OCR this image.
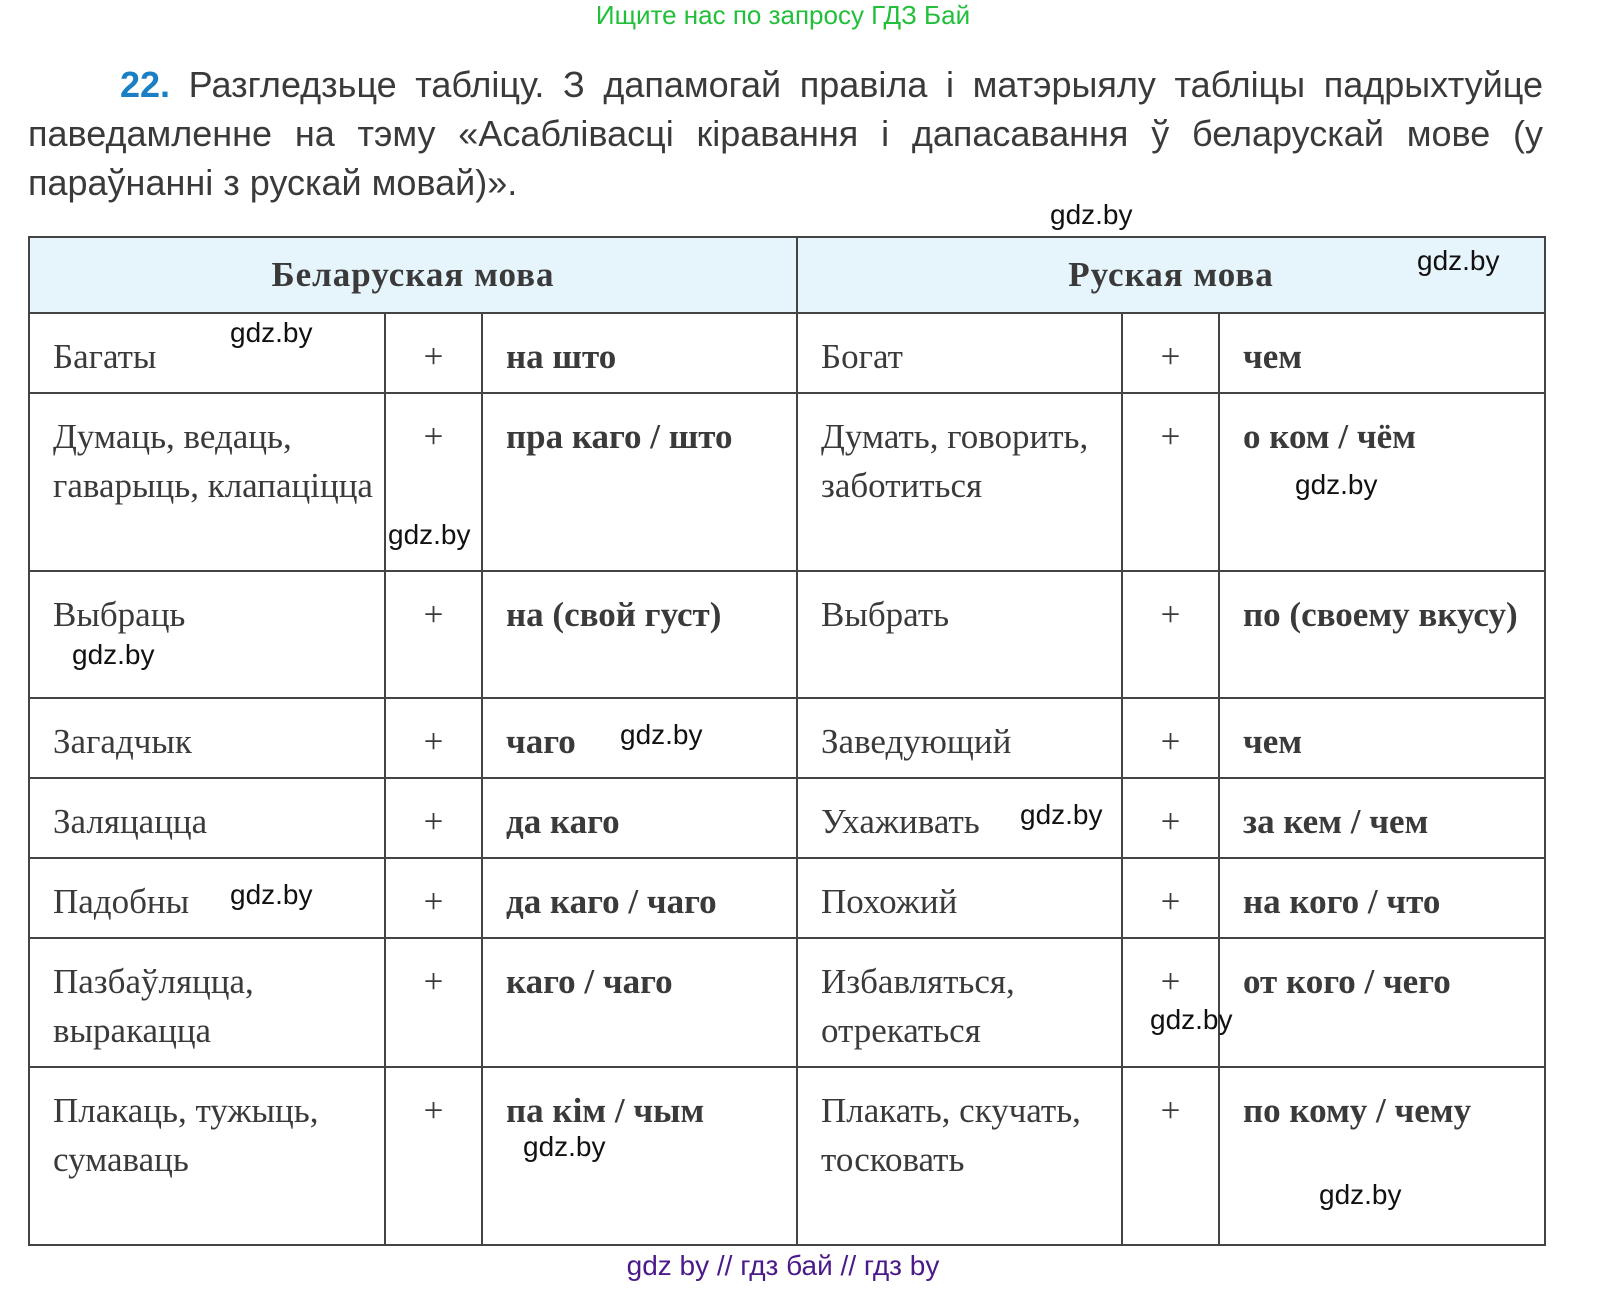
Ищите нас по запросу ГДЗ Бай
22. Разгледзьце табліцу. З дапамогай правіла і матэрыялу табліцы падрыхтуйце паведамленне на тэму «Асаблівасці кіравання і дапасавання ў беларускай мове (у параўнанні з рускай мовай)».
Беларуская мова			Руская мова		
Багаты	+	на што	Богат	+	чем
Думаць, ведаць, гаварыць, клапаціцца	+	пра каго / што	Думать, говорить, заботиться	+	о ком / чём
Выбраць	+	на (свой густ)	Выбрать	+	по (своему вкусу)
Загадчык	+	чаго	Заведующий	+	чем
Заляцацца	+	да каго	Ухаживать	+	за кем / чем
Падобны	+	да каго / чаго	Похожий	+	на кого / что
Пазбаўляцца, выракацца	+	каго / чаго	Избавляться, отрекаться	+	от кого / чего
Плакаць, тужыць, сумаваць	+	па кім / чым	Плакать, скучать, тосковать	+	по кому / чему
gdz.by
gdz.by
gdz.by
gdz.by
gdz.by
gdz.by
gdz.by
gdz.by
gdz.by
gdz.by
gdz.by
gdz.by
gdz by // гдз бай // гдз by
